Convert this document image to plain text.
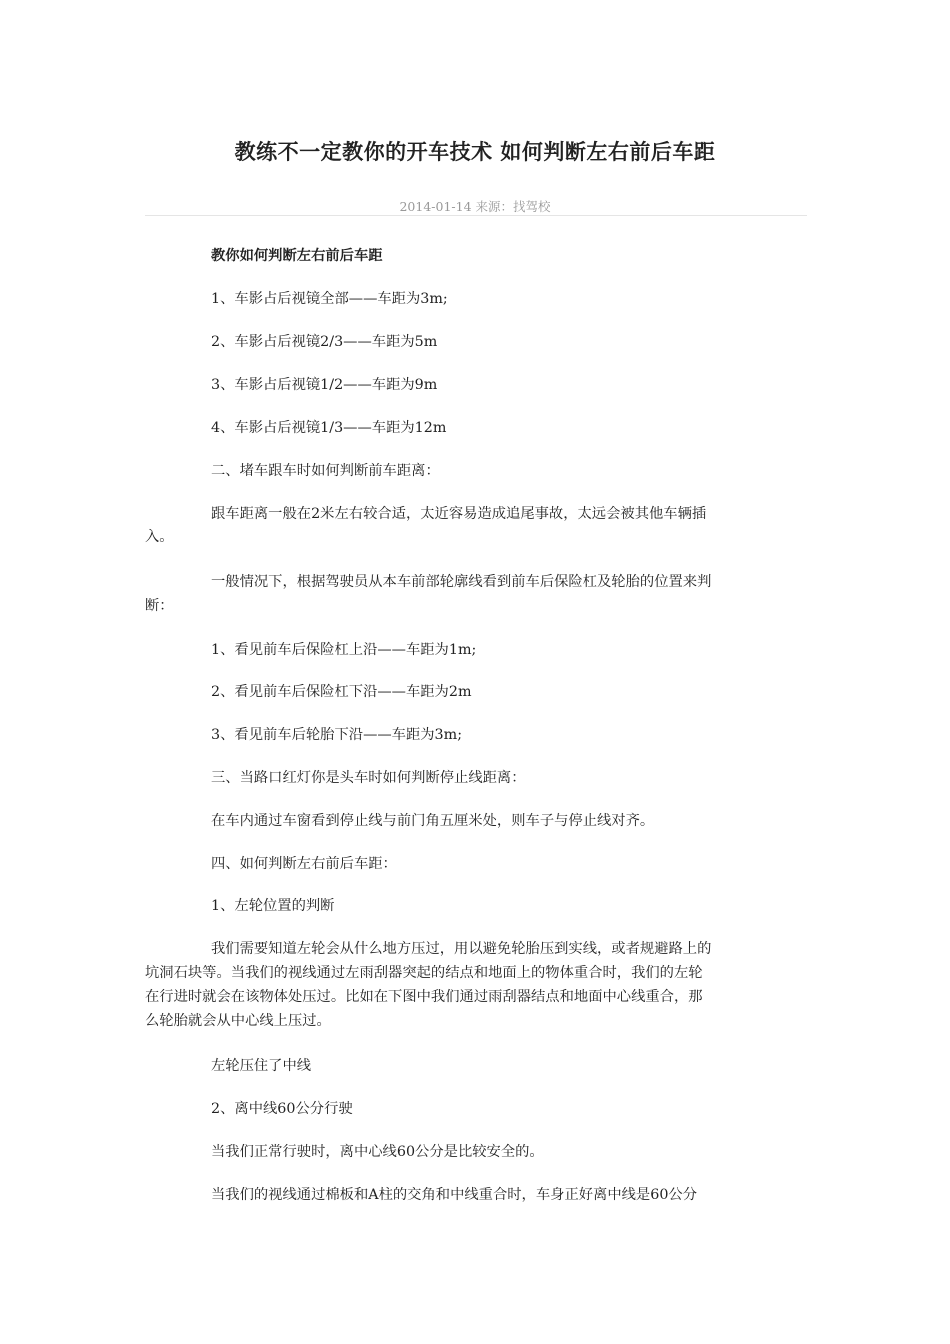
教练不一定教你的开车技术 如何判断左右前后车距
2014-01-14 来源：找驾校
教你如何判断左右前后车距
1、车影占后视镜全部——车距为3m;
2、车影占后视镜2/3——车距为5m
3、车影占后视镜1/2——车距为9m
4、车影占后视镜1/3——车距为12m
二、堵车跟车时如何判断前车距离：
跟车距离一般在2米左右较合适，太近容易造成追尾事故，太远会被其他车辆插
入。
一般情况下，根据驾驶员从本车前部轮廓线看到前车后保险杠及轮胎的位置来判
断：
1、看见前车后保险杠上沿——车距为1m;
2、看见前车后保险杠下沿——车距为2m
3、看见前车后轮胎下沿——车距为3m;
三、当路口红灯你是头车时如何判断停止线距离：
在车内通过车窗看到停止线与前门角五厘米处，则车子与停止线对齐。
四、如何判断左右前后车距：
1、左轮位置的判断
我们需要知道左轮会从什么地方压过，用以避免轮胎压到实线，或者规避路上的
坑洞石块等。当我们的视线通过左雨刮器突起的结点和地面上的物体重合时，我们的左轮
在行进时就会在该物体处压过。比如在下图中我们通过雨刮器结点和地面中心线重合，那
么轮胎就会从中心线上压过。
左轮压住了中线
2、离中线60公分行驶
当我们正常行驶时，离中心线60公分是比较安全的。
当我们的视线通过棉板和A柱的交角和中线重合时，车身正好离中线是60公分
